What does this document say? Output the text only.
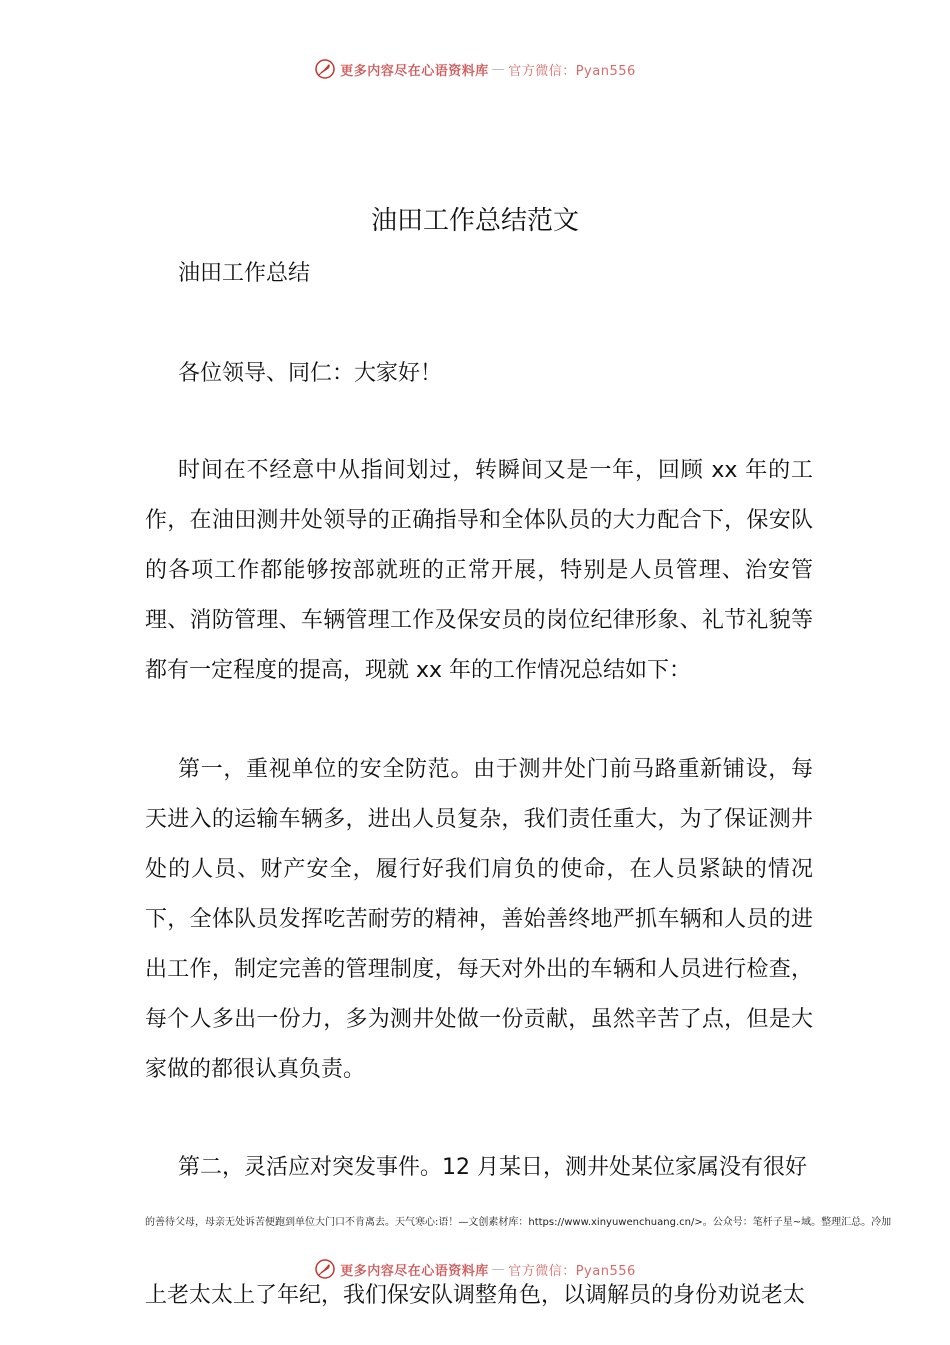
更多内容尽在心语资料库 — 官方微信：Pyan556
油田工作总结范文
油田工作总结
各位领导、同仁：大家好！
时间在不经意中从指间划过，转瞬间又是一年，回顾 xx 年的工作，在油田测井处领导的正确指导和全体队员的大力配合下，保安队的各项工作都能够按部就班的正常开展，特别是人员管理、治安管理、消防管理、车辆管理工作及保安员的岗位纪律形象、礼节礼貌等都有一定程度的提高，现就 xx 年的工作情况总结如下：
第一，重视单位的安全防范。由于测井处门前马路重新铺设，每天进入的运输车辆多，进出人员复杂，我们责任重大，为了保证测井处的人员、财产安全，履行好我们肩负的使命，在人员紧缺的情况下，全体队员发挥吃苦耐劳的精神，善始善终地严抓车辆和人员的进出工作，制定完善的管理制度，每天对外出的车辆和人员进行检查，每个人多出一份力，多为测井处做一份贡献，虽然辛苦了点，但是大家做的都很认真负责。
第二，灵活应对突发事件。12 月某日，测井处某位家属没有很好
的善待父母，母亲无处诉苦便跑到单位大门口不肯离去。天气寒心:语！—文创素材库：https://www.xinyuwenchuang.cn/>。公众号：笔杆子星~域。整理汇总。冷加
更多内容尽在心语资料库 — 官方微信：Pyan556
上老太太上了年纪，我们保安队调整角色，以调解员的身份劝说老太
